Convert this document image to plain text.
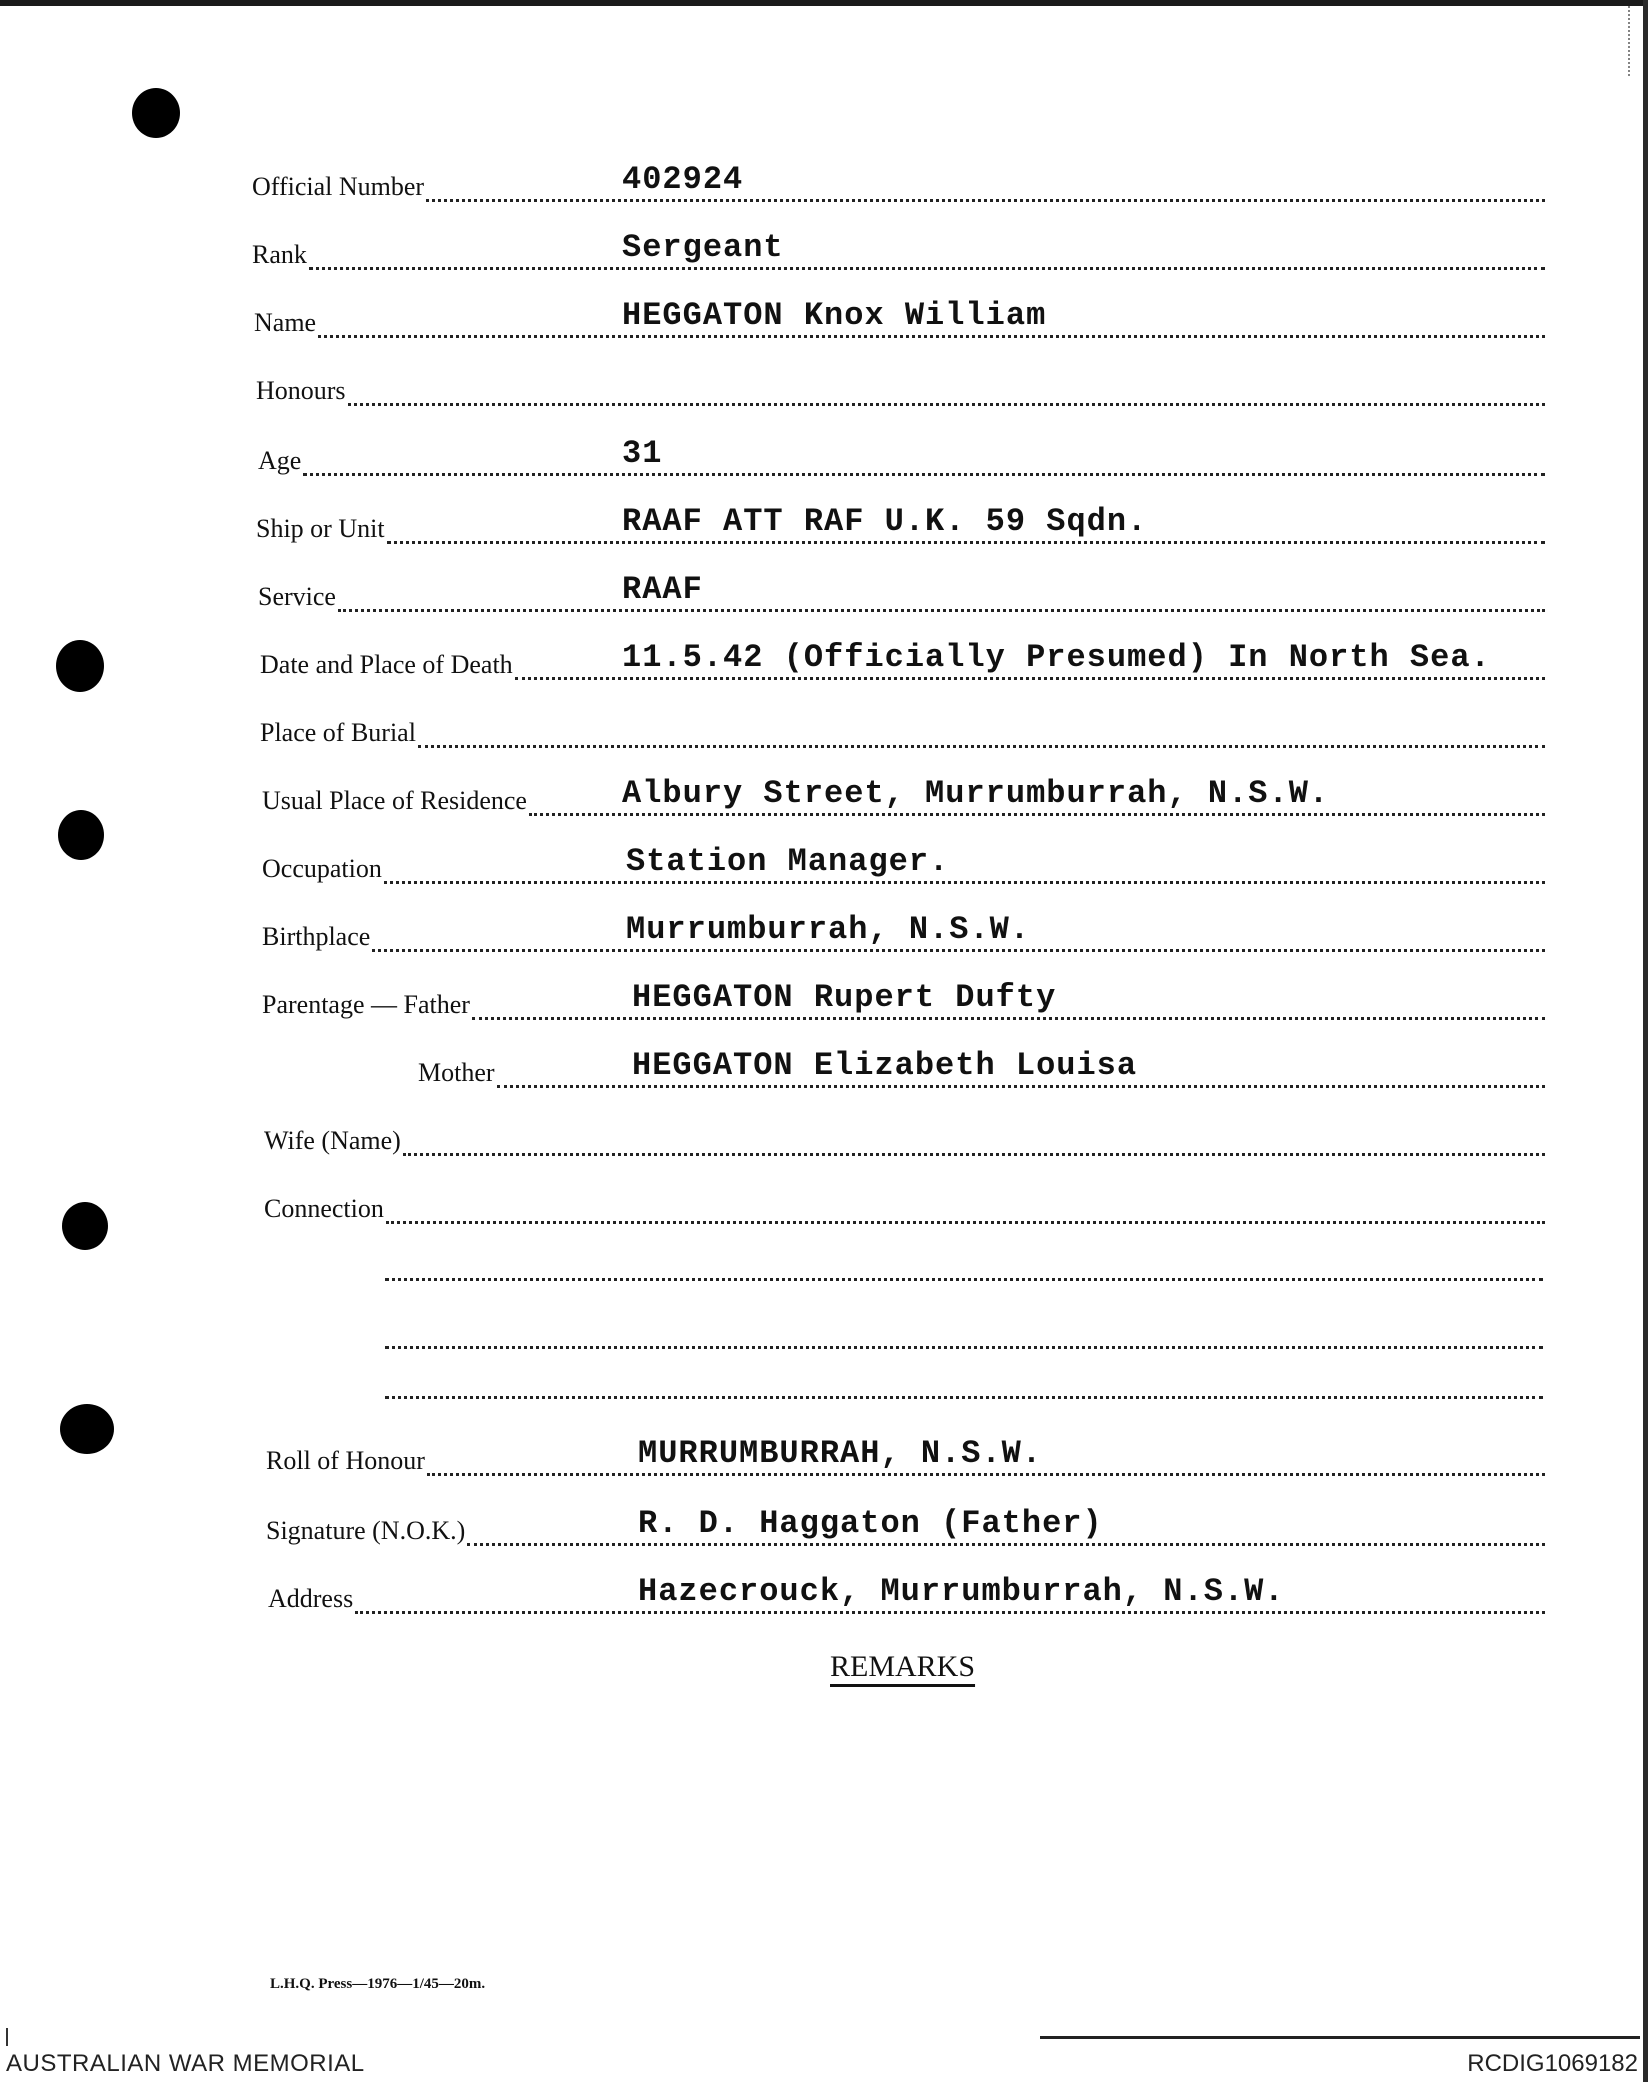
Official Number	402924
Rank	Sergeant
Name	HEGGATON Knox William
Honours
Age	31
Ship or Unit	RAAF ATT RAF U.K. 59 Sqdn.
Service	RAAF
Date and Place of Death	11.5.42 (Officially Presumed) In North Sea.
Place of Burial
Usual Place of Residence	Albury Street, Murrumburrah, N.S.W.
Occupation	Station Manager.
Birthplace	Murrumburrah, N.S.W.
Parentage — Father	HEGGATON Rupert Dufty
Mother	HEGGATON Elizabeth Louisa
Wife (Name)
Connection
Roll of Honour	MURRUMBURRAH, N.S.W.
Signature (N.O.K.)	R. D. Haggaton (Father)
Address	Hazecrouck, Murrumburrah, N.S.W.
REMARKS
L.H.Q. Press—1976—1/45—20m.
AUSTRALIAN WAR MEMORIAL	RCDIG1069182
